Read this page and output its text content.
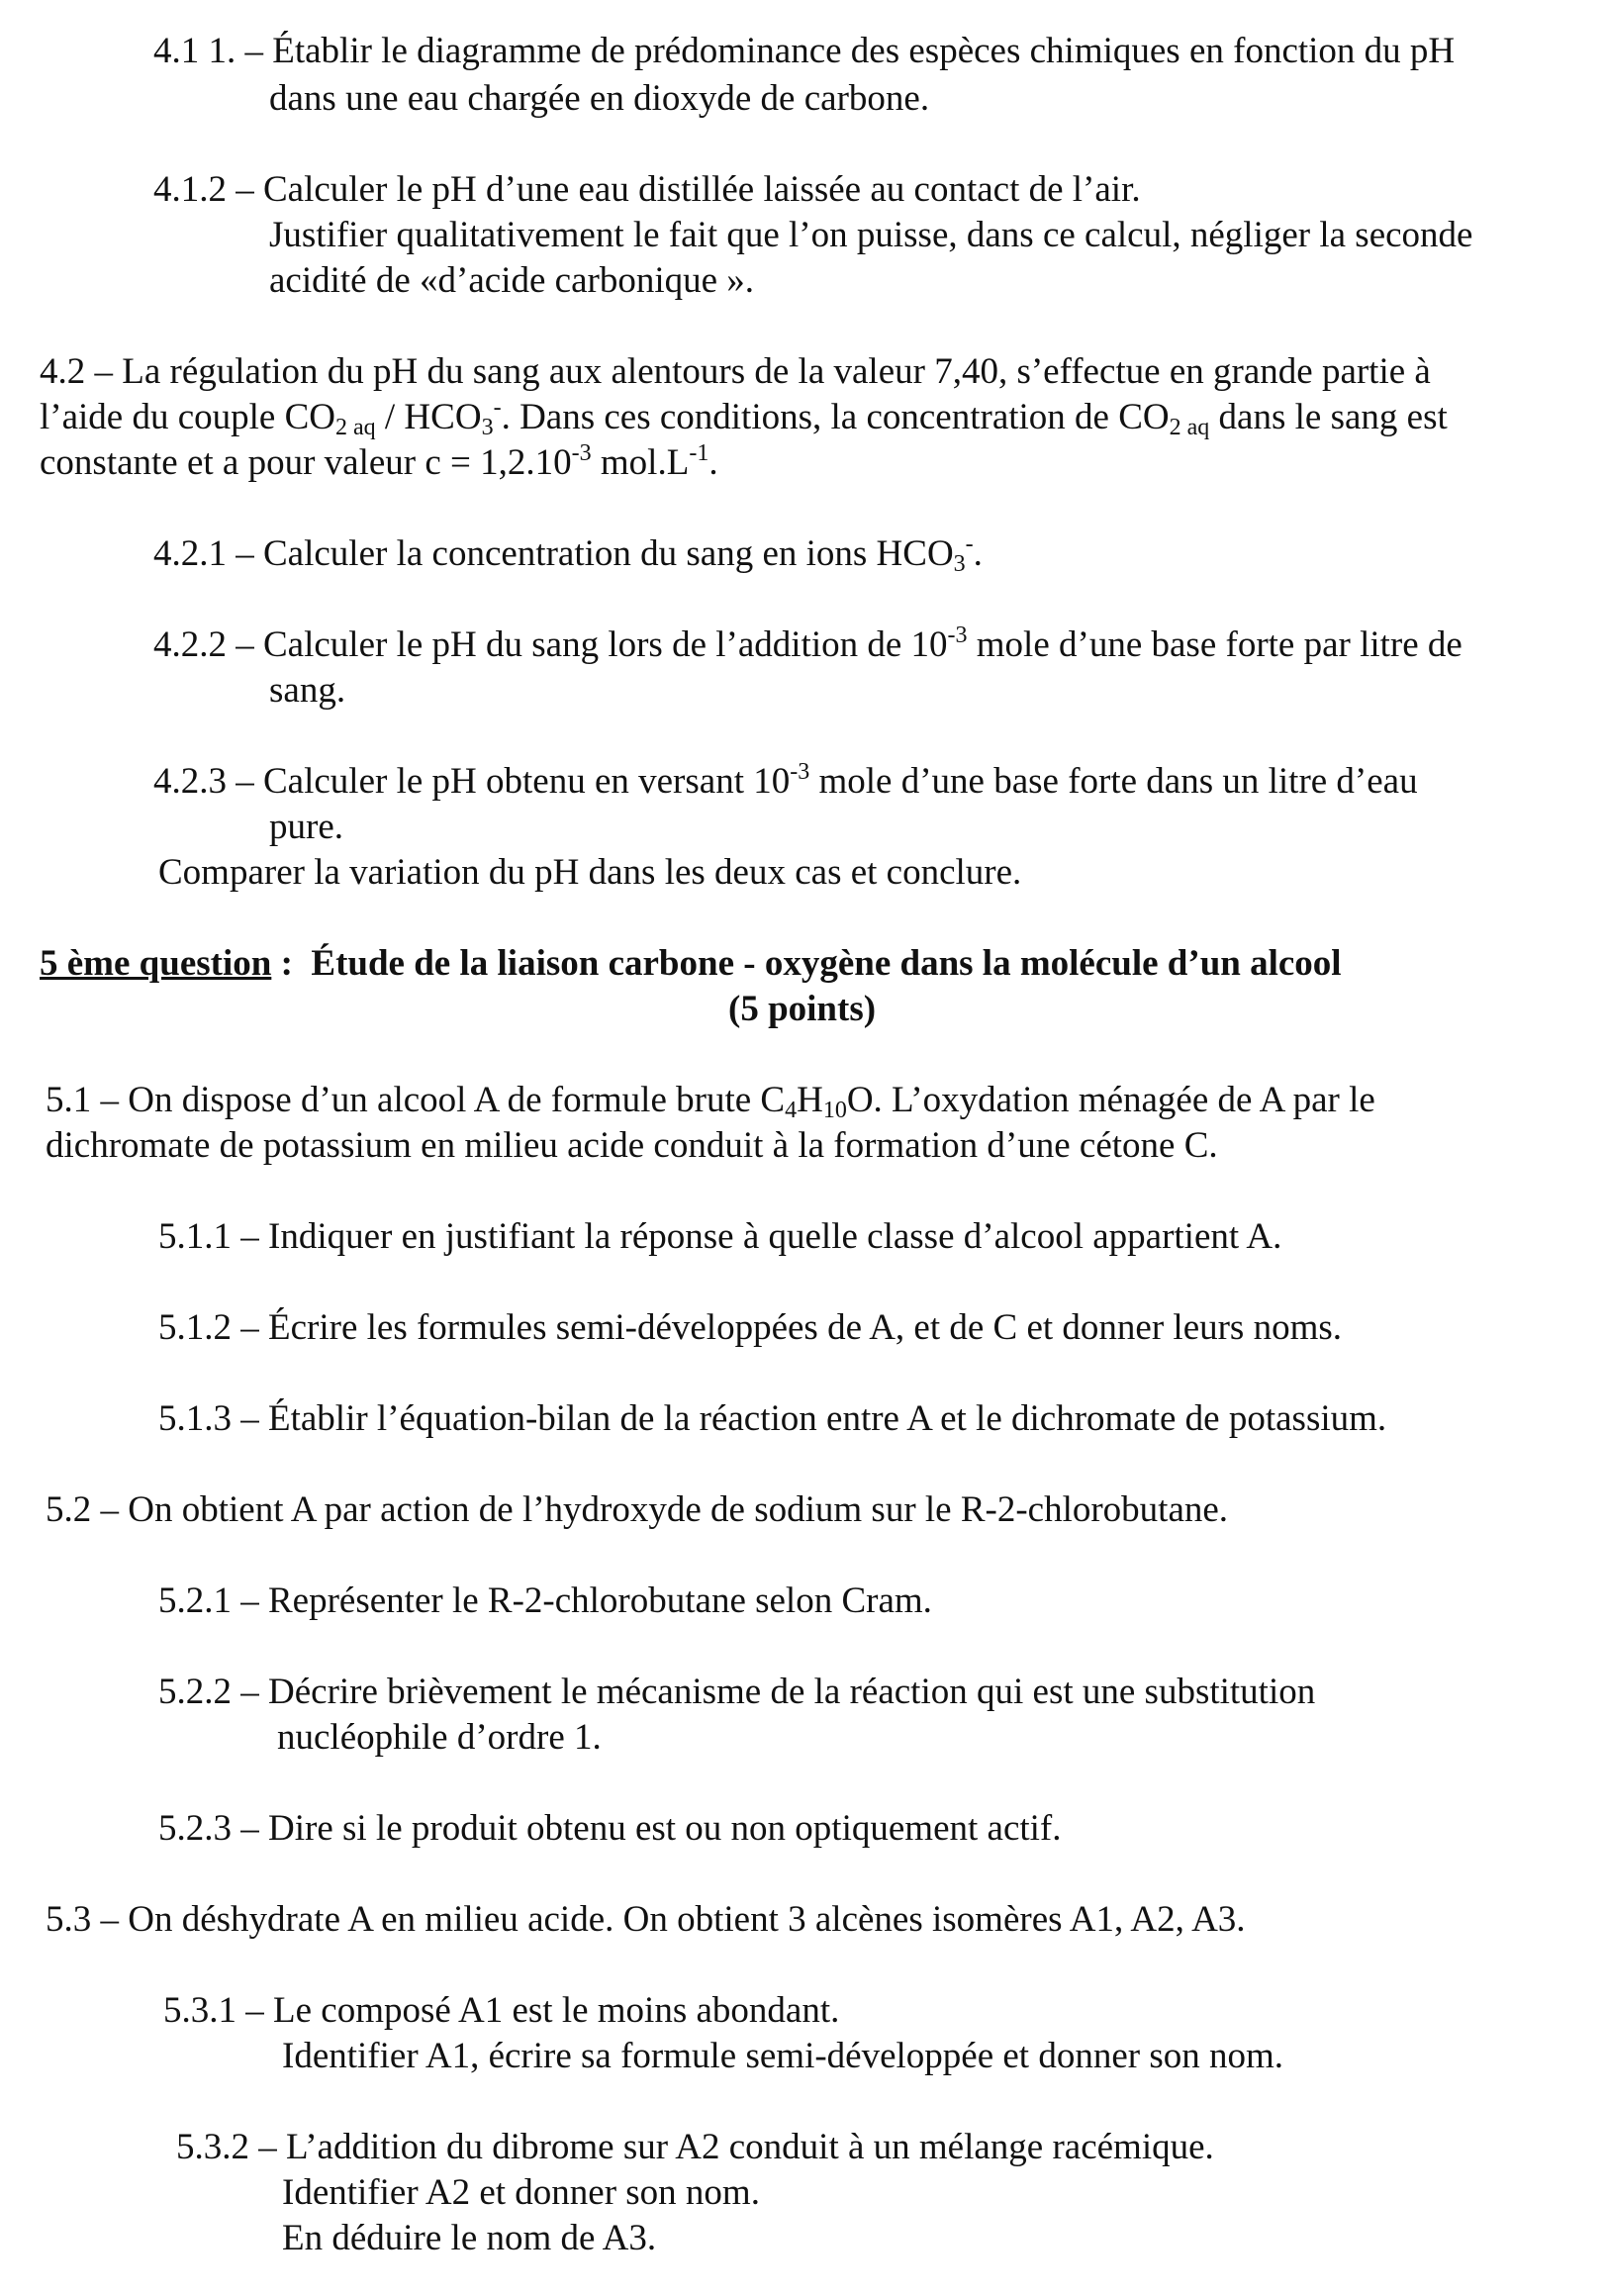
4.1 1. – Établir le diagramme de prédominance des espèces chimiques en fonction du pH
dans une eau chargée en dioxyde de carbone.
4.1.2 – Calculer le pH d’une eau distillée laissée au contact de l’air.
Justifier qualitativement le fait que l’on puisse, dans ce calcul, négliger la seconde
acidité de «d’acide carbonique ».
4.2 – La régulation du pH du sang aux alentours de la valeur 7,40, s’effectue en grande partie à
l’aide du couple $CO_2$ $_{aq} / HCO_3^-$. Dans ces conditions, la concentration de $CO_2$ $_{aq}$ dans le sang est
constante et a pour valeur $c = 1,2.10^{-3}$ $mol.L^{-1}$.
4.2.1 – Calculer la concentration du sang en ions $HCO_3^-$.
4.2.2 – Calculer le pH du sang lors de l’addition de $10^{-3}$ mole d’une base forte par litre de
sang.
4.2.3 – Calculer le pH obtenu en versant $10^{-3}$ mole d’une base forte dans un litre d’eau
pure.
Comparer la variation du pH dans les deux cas et conclure.
5 ème question : Étude de la liaison carbone - oxygène dans la molécule d’un alcool
(5 points)
5.1 – On dispose d’un alcool A de formule brute $C_4H_{10}O$. L’oxydation ménagée de A par le
dichromate de potassium en milieu acide conduit à la formation d’une cétone C.
5.1.1 – Indiquer en justifiant la réponse à quelle classe d’alcool appartient A.
5.1.2 – Écrire les formules semi-développées de A, et de C et donner leurs noms.
5.1.3 – Établir l’équation-bilan de la réaction entre A et le dichromate de potassium.
5.2 – On obtient A par action de l’hydroxyde de sodium sur le R-2-chlorobutane.
5.2.1 – Représenter le R-2-chlorobutane selon Cram.
5.2.2 – Décrire brièvement le mécanisme de la réaction qui est une substitution
nucléophile d’ordre 1.
5.2.3 – Dire si le produit obtenu est ou non optiquement actif.
5.3 – On déshydrate A en milieu acide. On obtient 3 alcènes isomères A1, A2, A3.
5.3.1 – Le composé A1 est le moins abondant.
Identifier A1, écrire sa formule semi-développée et donner son nom.
5.3.2 – L’addition du dibrome sur A2 conduit à un mélange racémique.
Identifier A2 et donner son nom.
En déduire le nom de A3.
